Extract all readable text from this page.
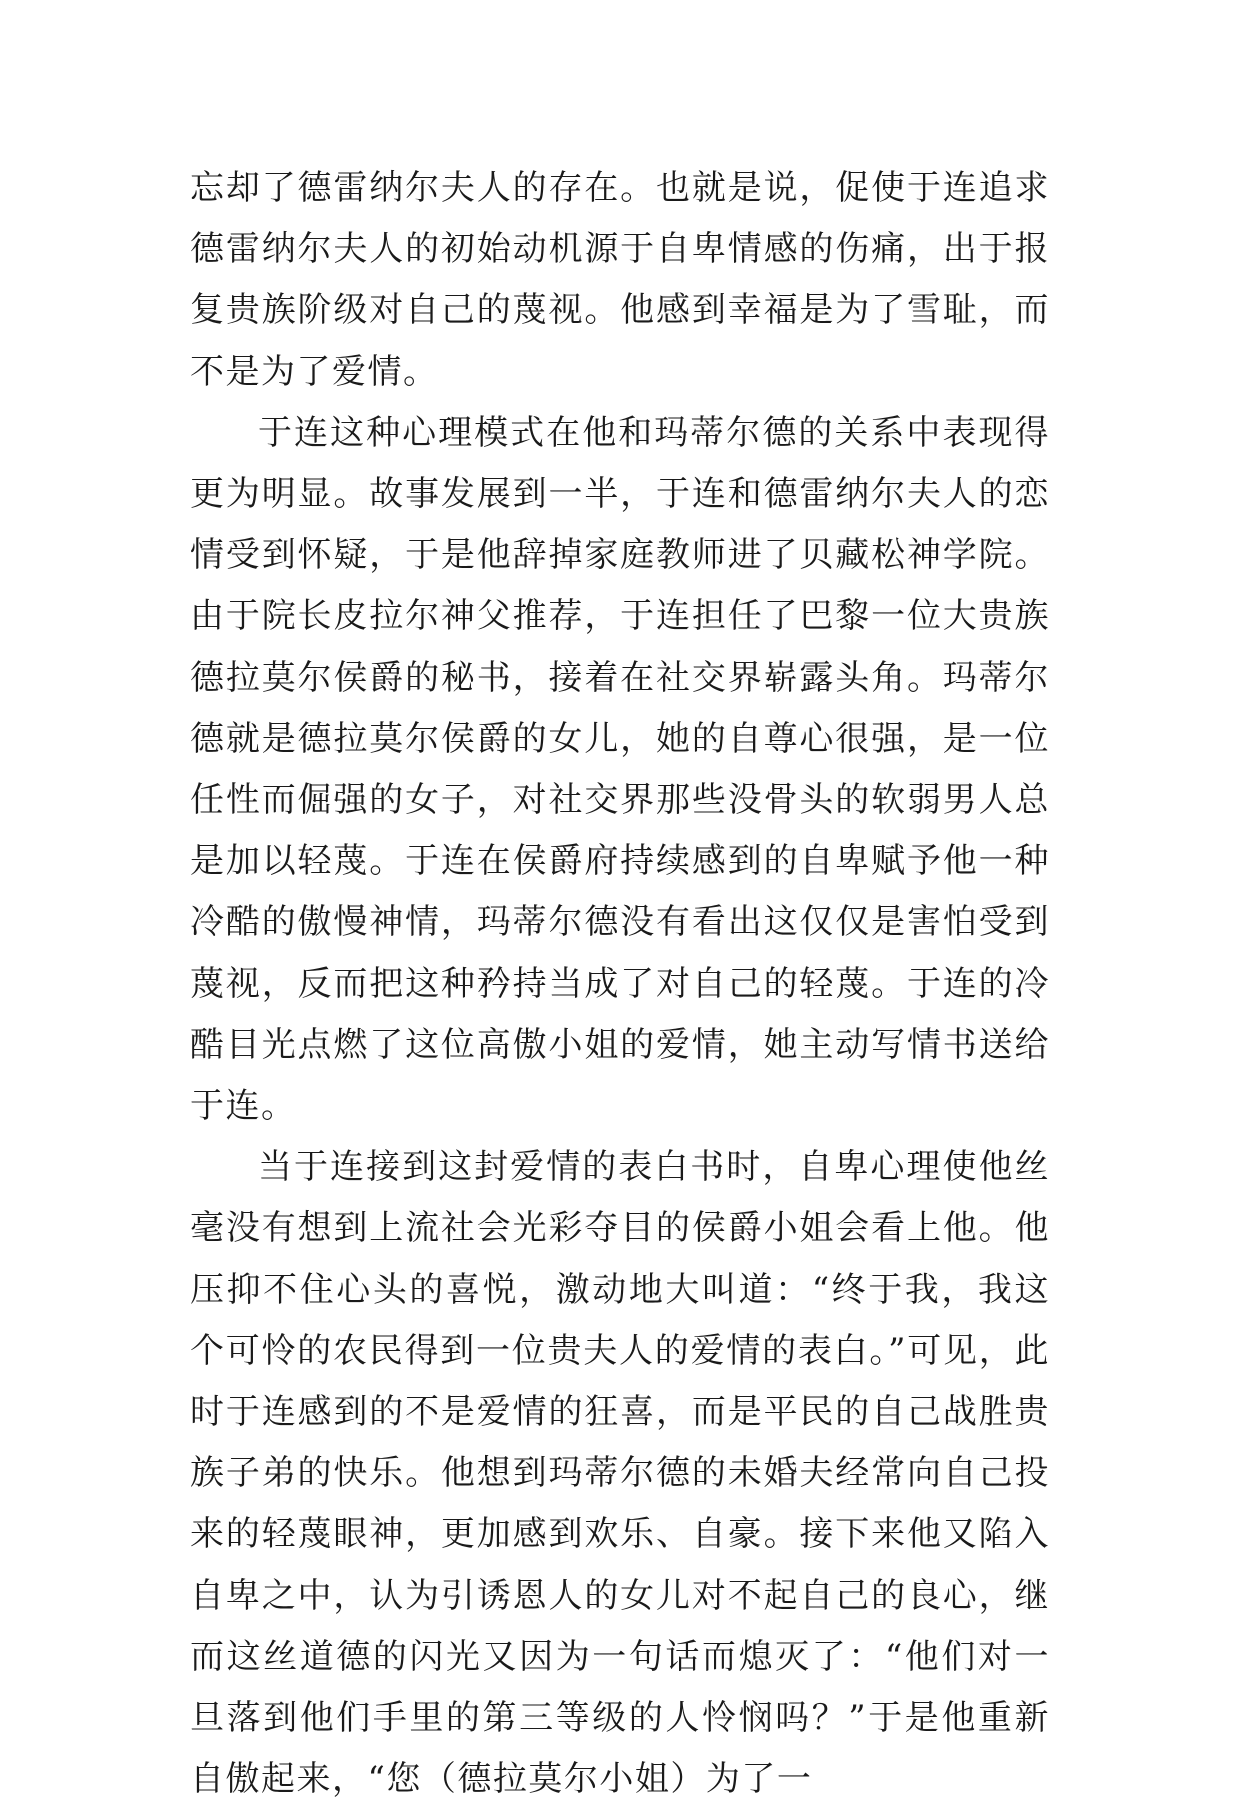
忘却了德雷纳尔夫人的存在。也就是说，促使于连追求德雷纳尔夫人的初始动机源于自卑情感的伤痛，出于报复贵族阶级对自己的蔑视。他感到幸福是为了雪耻，而不是为了爱情。

于连这种心理模式在他和玛蒂尔德的关系中表现得更为明显。故事发展到一半，于连和德雷纳尔夫人的恋情受到怀疑，于是他辞掉家庭教师进了贝藏松神学院。由于院长皮拉尔神父推荐，于连担任了巴黎一位大贵族德拉莫尔侯爵的秘书，接着在社交界崭露头角。玛蒂尔德就是德拉莫尔侯爵的女儿，她的自尊心很强，是一位任性而倔强的女子，对社交界那些没骨头的软弱男人总是加以轻蔑。于连在侯爵府持续感到的自卑赋予他一种冷酷的傲慢神情，玛蒂尔德没有看出这仅仅是害怕受到蔑视，反而把这种矜持当成了对自己的轻蔑。于连的冷酷目光点燃了这位高傲小姐的爱情，她主动写情书送给于连。

当于连接到这封爱情的表白书时，自卑心理使他丝毫没有想到上流社会光彩夺目的侯爵小姐会看上他。他压抑不住心头的喜悦，激动地大叫道：“终于我，我这个可怜的农民得到一位贵夫人的爱情的表白。”可见，此时于连感到的不是爱情的狂喜，而是平民的自己战胜贵族子弟的快乐。他想到玛蒂尔德的未婚夫经常向自己投来的轻蔑眼神，更加感到欢乐、自豪。接下来他又陷入自卑之中，认为引诱恩人的女儿对不起自己的良心，继而这丝道德的闪光又因为一句话而熄灭了：“他们对一旦落到他们手里的第三等级的人怜悯吗？”于是他重新自傲起来，“您（德拉莫尔小姐）为了一
